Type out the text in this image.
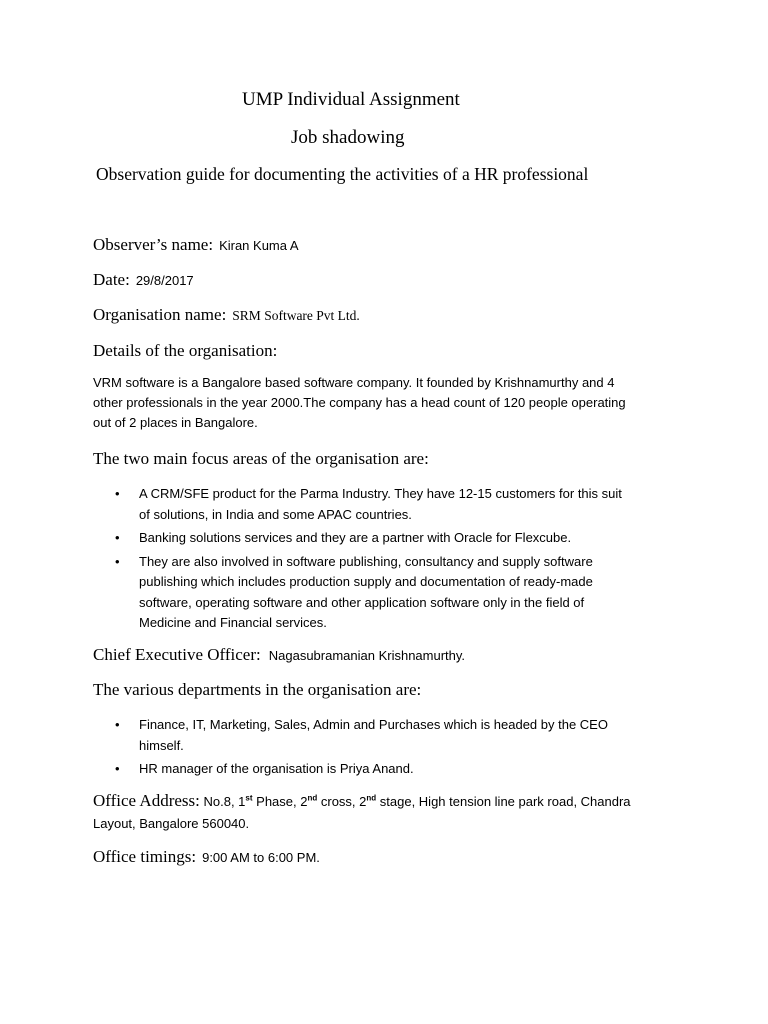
UMP Individual Assignment
Job shadowing
Observation guide for documenting the activities of a HR professional
Observer’s name: Kiran Kuma A
Date: 29/8/2017
Organisation name: SRM Software Pvt Ltd.
Details of the organisation:
VRM software is a Bangalore based software company. It founded by Krishnamurthy and 4
other professionals in the year 2000.The company has a head count of 120 people operating
out of 2 places in Bangalore.
The two main focus areas of the organisation are:
• A CRM/SFE product for the Parma Industry. They have 12-15 customers for this suit
of solutions, in India and some APAC countries.
• Banking solutions services and they are a partner with Oracle for Flexcube.
• They are also involved in software publishing, consultancy and supply software
publishing which includes production supply and documentation of ready-made
software, operating software and other application software only in the field of
Medicine and Financial services.
Chief Executive Officer: Nagasubramanian Krishnamurthy.
The various departments in the organisation are:
• Finance, IT, Marketing, Sales, Admin and Purchases which is headed by the CEO
himself.
• HR manager of the organisation is Priya Anand.
Office Address: No.8, 1st Phase, 2nd cross, 2nd stage, High tension line park road, Chandra
Layout, Bangalore 560040.
Office timings: 9:00 AM to 6:00 PM.
